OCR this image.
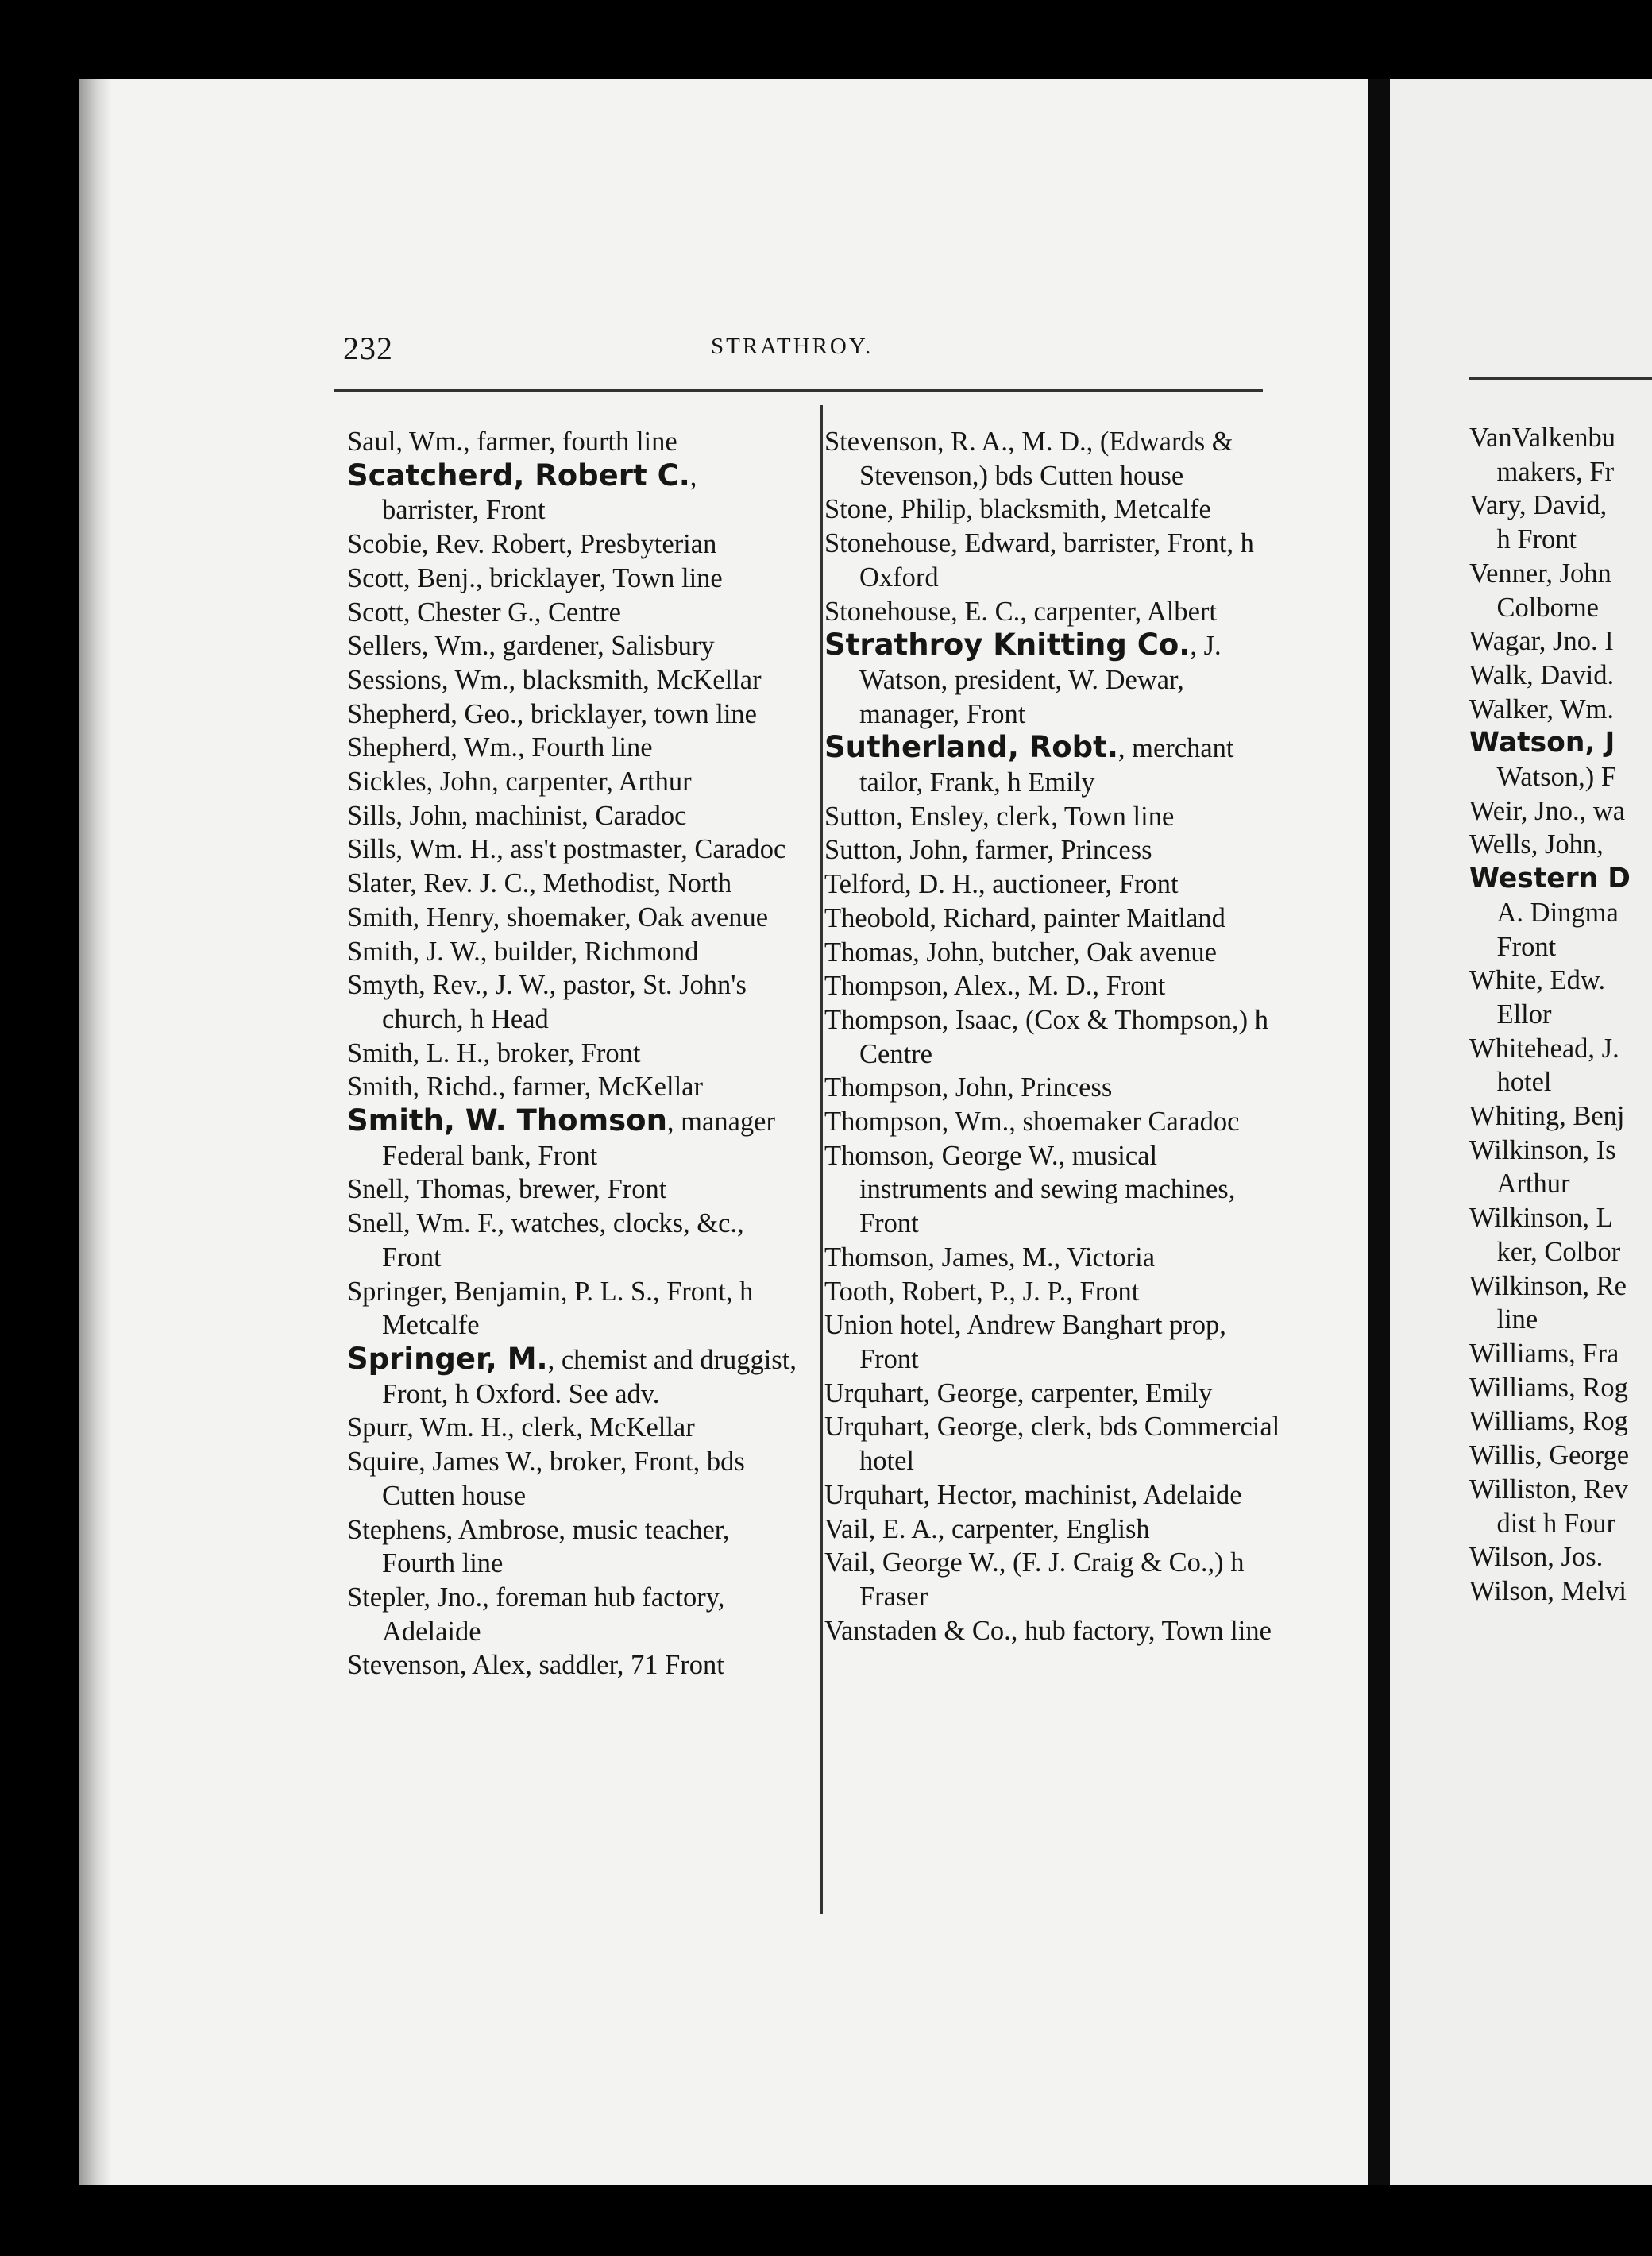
VanValkenbu
 makers, Fr
Vary, David,
 h Front
Venner, John
 Colborne
Wagar, Jno. I
Walk, David.
Walker, Wm.
Watson, J
 Watson,) F
Weir, Jno., wa
Wells, John,
Western D
 A. Dingma
 Front
White, Edw.
 Ellor
Whitehead, J.
 hotel
Whiting, Benj
Wilkinson, Is
 Arthur
Wilkinson, L
 ker, Colbor
Wilkinson, Re
 line
Williams, Fra
Williams, Rog
Williams, Rog
Willis, George
Williston, Rev
 dist h Four
Wilson, Jos.
Wilson, Melvi
232	STRATHROY.
Saul, Wm., farmer, fourth line
Scatcherd, Robert C., barrister, Front
Scobie, Rev. Robert, Presbyterian
Scott, Benj., bricklayer, Town line
Scott, Chester G., Centre
Sellers, Wm., gardener, Salisbury
Sessions, Wm., blacksmith, McKellar
Shepherd, Geo., bricklayer, town line
Shepherd, Wm., Fourth line
Sickles, John, carpenter, Arthur
Sills, John, machinist, Caradoc
Sills, Wm. H., ass't postmaster, Caradoc
Slater, Rev. J. C., Methodist, North
Smith, Henry, shoemaker, Oak avenue
Smith, J. W., builder, Richmond
Smyth, Rev., J. W., pastor, St. John's church, h Head
Smith, L. H., broker, Front
Smith, Richd., farmer, McKellar
Smith, W. Thomson, manager Federal bank, Front
Snell, Thomas, brewer, Front
Snell, Wm. F., watches, clocks, &c., Front
Springer, Benjamin, P. L. S., Front, h Metcalfe
Springer, M., chemist and druggist, Front, h Oxford. See adv.
Spurr, Wm. H., clerk, McKellar
Squire, James W., broker, Front, bds Cutten house
Stephens, Ambrose, music teacher, Fourth line
Stepler, Jno., foreman hub factory, Adelaide
Stevenson, Alex, saddler, 71 Front
Stevenson, R. A., M. D., (Edwards & Stevenson,) bds Cutten house
Stone, Philip, blacksmith, Metcalfe
Stonehouse, Edward, barrister, Front, h Oxford
Stonehouse, E. C., carpenter, Albert
Strathroy Knitting Co., J. Watson, president, W. Dewar, manager, Front
Sutherland, Robt., merchant tailor, Frank, h Emily
Sutton, Ensley, clerk, Town line
Sutton, John, farmer, Princess
Telford, D. H., auctioneer, Front
Theobold, Richard, painter Maitland
Thomas, John, butcher, Oak avenue
Thompson, Alex., M. D., Front
Thompson, Isaac, (Cox & Thompson,) h Centre
Thompson, John, Princess
Thompson, Wm., shoemaker Caradoc
Thomson, George W., musical instruments and sewing machines, Front
Thomson, James, M., Victoria
Tooth, Robert, P., J. P., Front
Union hotel, Andrew Banghart prop, Front
Urquhart, George, carpenter, Emily
Urquhart, George, clerk, bds Commercial hotel
Urquhart, Hector, machinist, Adelaide
Vail, E. A., carpenter, English
Vail, George W., (F. J. Craig & Co.,) h Fraser
Vanstaden & Co., hub factory, Town line
